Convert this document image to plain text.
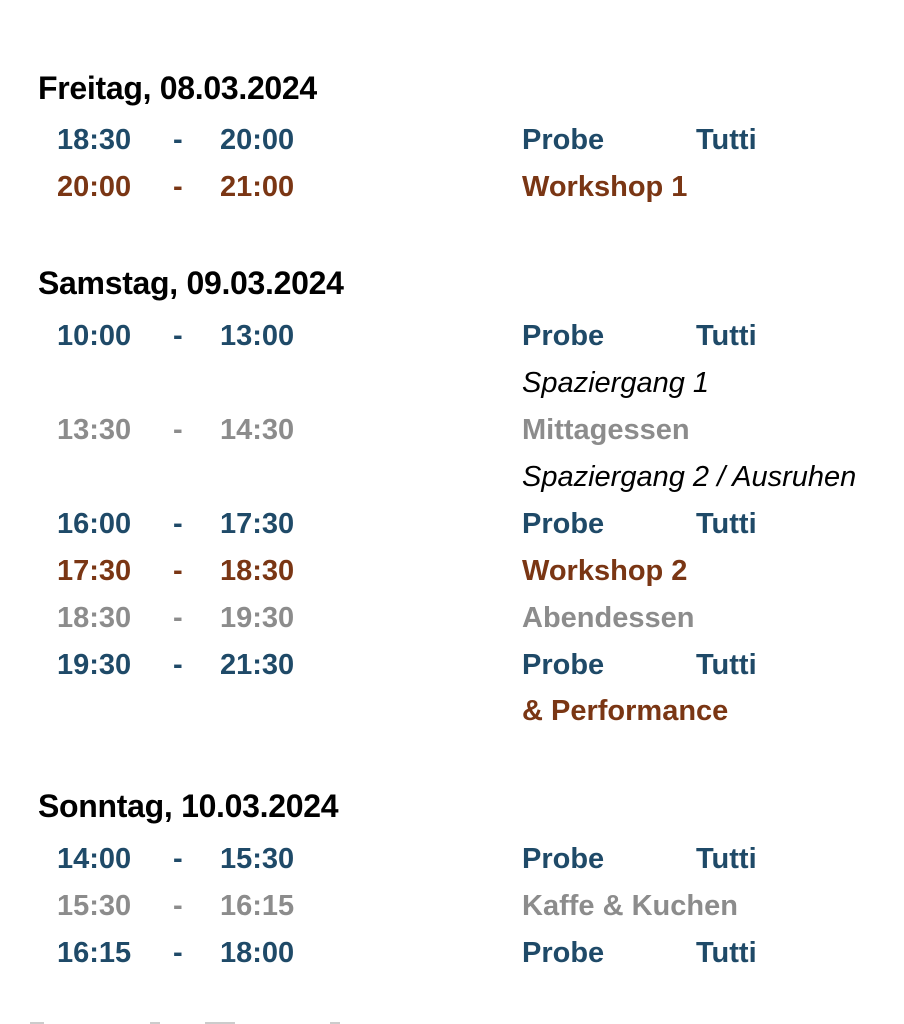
Freitag, 08.03.2024
18:30 - 20:00	Probe	Tutti
20:00 - 21:00	Workshop 1
Samstag, 09.03.2024
10:00 - 13:00	Probe	Tutti
Spaziergang 1
13:30 - 14:30	Mittagessen
Spaziergang 2 / Ausruhen
16:00 - 17:30	Probe	Tutti
17:30 - 18:30	Workshop 2
18:30 - 19:30	Abendessen
19:30 - 21:30	Probe	Tutti
& Performance
Sonntag, 10.03.2024
14:00 - 15:30	Probe	Tutti
15:30 - 16:15	Kaffe & Kuchen
16:15 - 18:00	Probe	Tutti
